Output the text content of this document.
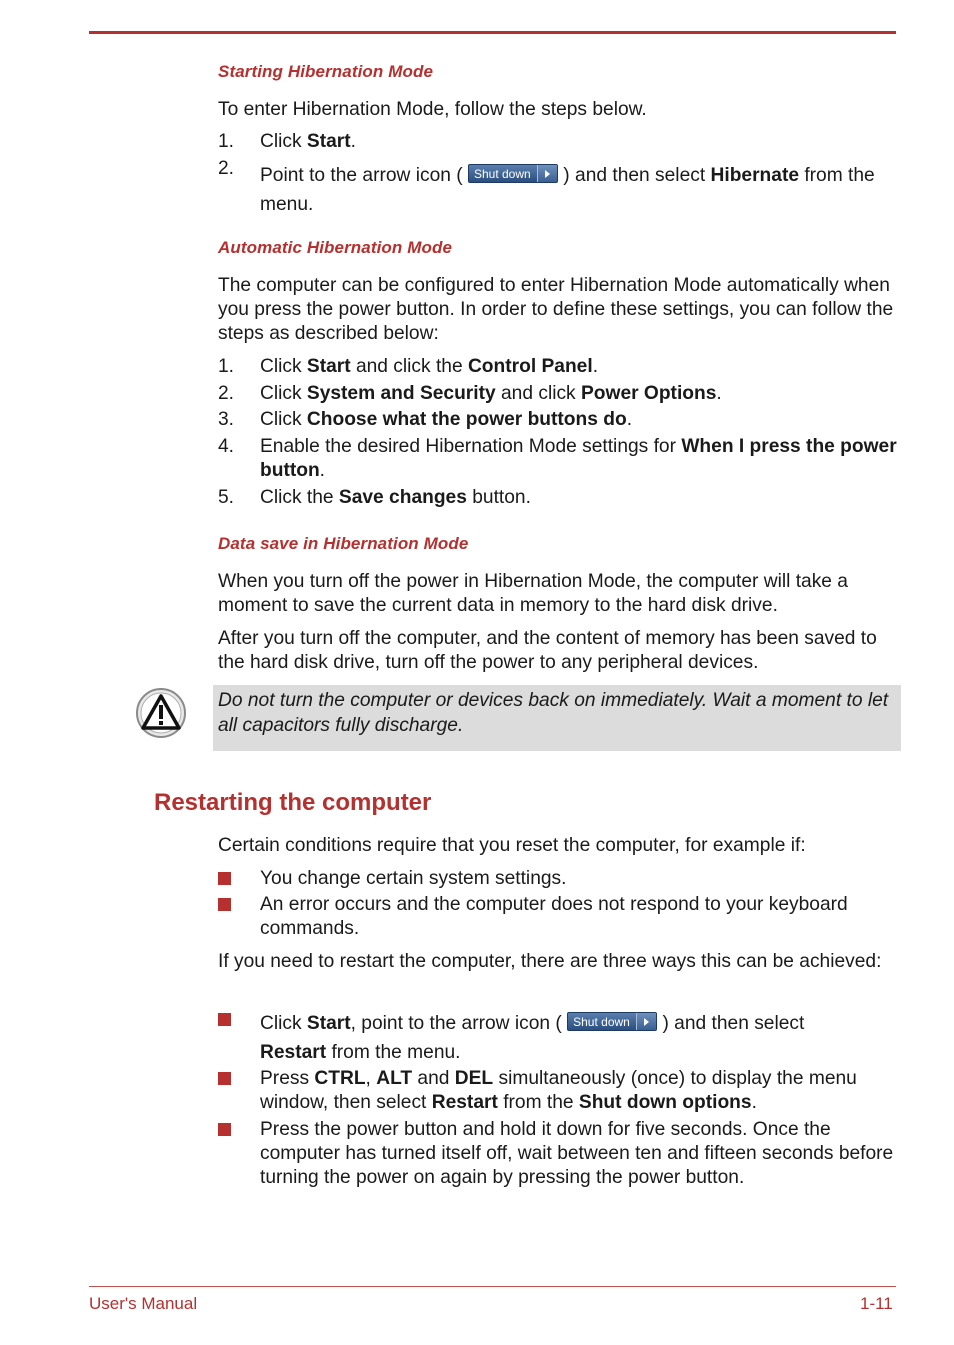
Starting Hibernation Mode
To enter Hibernation Mode, follow the steps below.
1. Click Start.
2. Point to the arrow icon ( Shut down ) and then select Hibernate from the menu.
Automatic Hibernation Mode
The computer can be configured to enter Hibernation Mode automatically when you press the power button. In order to define these settings, you can follow the steps as described below:
1. Click Start and click the Control Panel.
2. Click System and Security and click Power Options.
3. Click Choose what the power buttons do.
4. Enable the desired Hibernation Mode settings for When I press the power button.
5. Click the Save changes button.
Data save in Hibernation Mode
When you turn off the power in Hibernation Mode, the computer will take a moment to save the current data in memory to the hard disk drive.
After you turn off the computer, and the content of memory has been saved to the hard disk drive, turn off the power to any peripheral devices.
Do not turn the computer or devices back on immediately. Wait a moment to let all capacitors fully discharge.
Restarting the computer
Certain conditions require that you reset the computer, for example if:
You change certain system settings.
An error occurs and the computer does not respond to your keyboard commands.
If you need to restart the computer, there are three ways this can be achieved:
Click Start, point to the arrow icon ( Shut down ) and then select
Restart from the menu.
Press CTRL, ALT and DEL simultaneously (once) to display the menu window, then select Restart from the Shut down options.
Press the power button and hold it down for five seconds. Once the computer has turned itself off, wait between ten and fifteen seconds before turning the power on again by pressing the power button.
User's Manual	1-11
